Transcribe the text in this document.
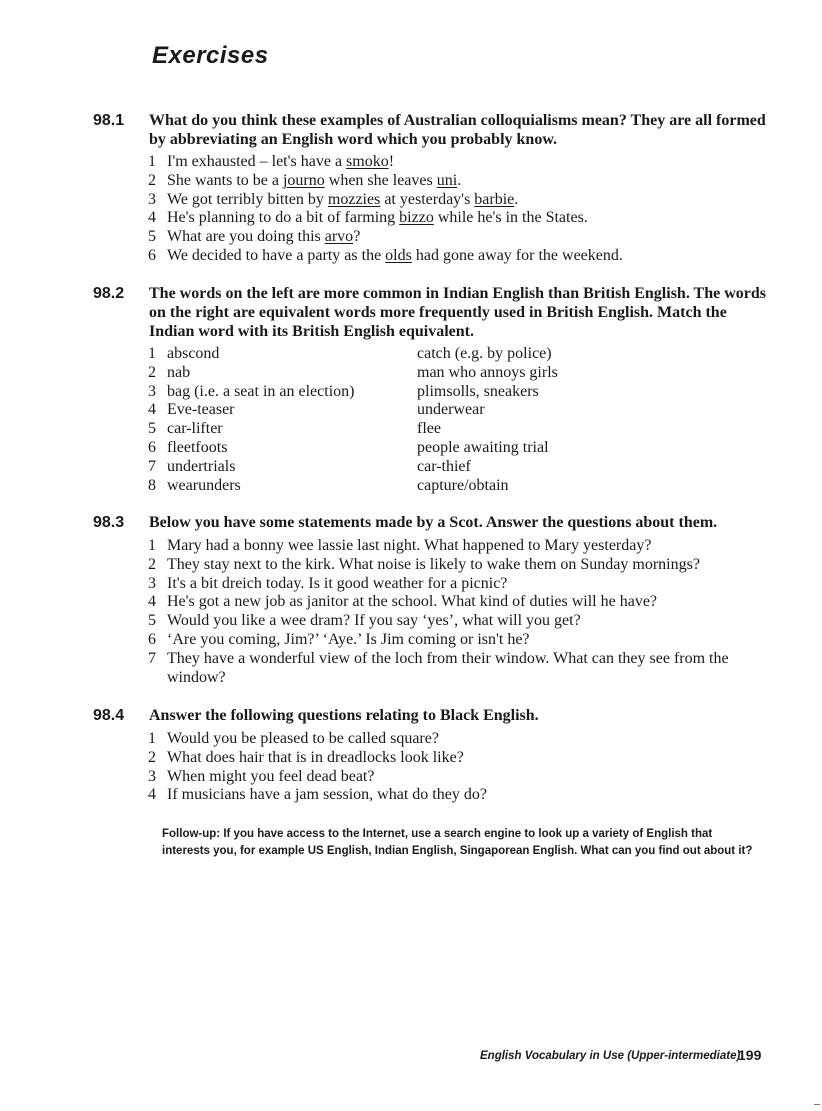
Exercises
98.1 What do you think these examples of Australian colloquialisms mean? They are all formed by abbreviating an English word which you probably know.

1 I'm exhausted – let's have a smoko!
2 She wants to be a journo when she leaves uni.
3 We got terribly bitten by mozzies at yesterday's barbie.
4 He's planning to do a bit of farming bizzo while he's in the States.
5 What are you doing this arvo?
6 We decided to have a party as the olds had gone away for the weekend.
98.2 The words on the left are more common in Indian English than British English. The words on the right are equivalent words more frequently used in British English. Match the Indian word with its British English equivalent.

1 abscond	catch (e.g. by police)
2 nab	man who annoys girls
3 bag (i.e. a seat in an election)	plimsolls, sneakers
4 Eve-teaser	underwear
5 car-lifter	flee
6 fleetfoots	people awaiting trial
7 undertrials	car-thief
8 wearunders	capture/obtain
98.3 Below you have some statements made by a Scot. Answer the questions about them.

1 Mary had a bonny wee lassie last night. What happened to Mary yesterday?
2 They stay next to the kirk. What noise is likely to wake them on Sunday mornings?
3 It's a bit dreich today. Is it good weather for a picnic?
4 He's got a new job as janitor at the school. What kind of duties will he have?
5 Would you like a wee dram? If you say ‘yes’, what will you get?
6 ‘Are you coming, Jim?’ ‘Aye.’ Is Jim coming or isn't he?
7 They have a wonderful view of the loch from their window. What can they see from the window?
98.4 Answer the following questions relating to Black English.

1 Would you be pleased to be called square?
2 What does hair that is in dreadlocks look like?
3 When might you feel dead beat?
4 If musicians have a jam session, what do they do?

Follow-up: If you have access to the Internet, use a search engine to look up a variety of English that interests you, for example US English, Indian English, Singaporean English. What can you find out about it?

English Vocabulary in Use (Upper-intermediate)
199
